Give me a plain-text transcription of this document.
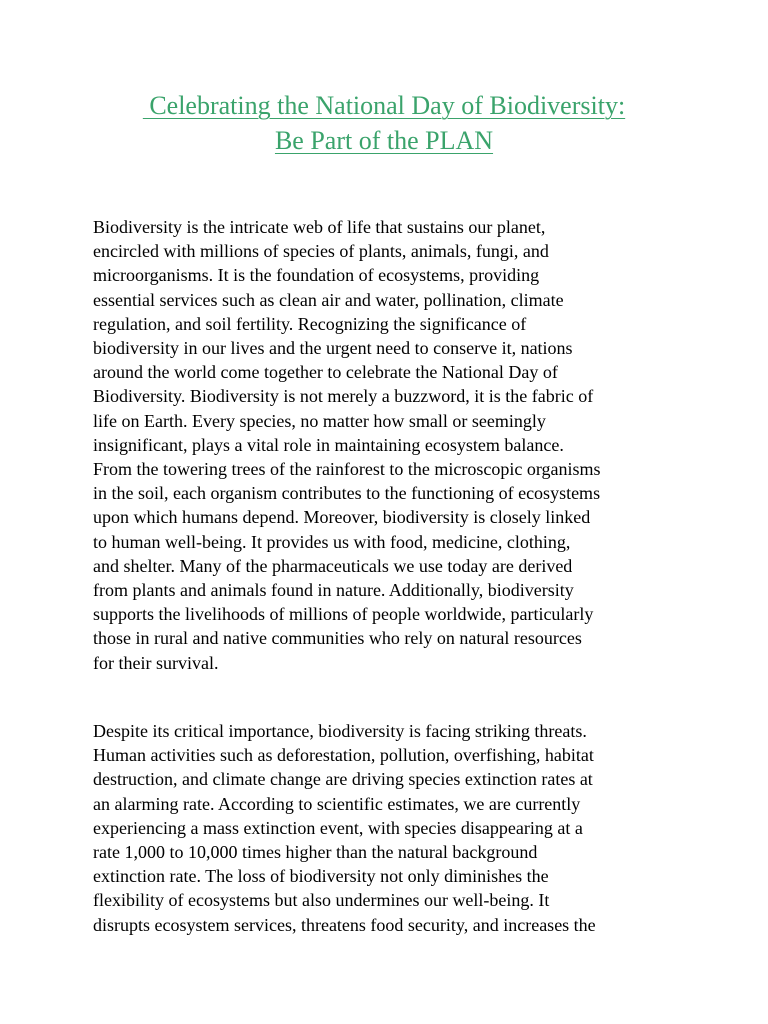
Celebrating the National Day of Biodiversity:
Be Part of the PLAN

Biodiversity is the intricate web of life that sustains our planet,
encircled with millions of species of plants, animals, fungi, and
microorganisms. It is the foundation of ecosystems, providing
essential services such as clean air and water, pollination, climate
regulation, and soil fertility. Recognizing the significance of
biodiversity in our lives and the urgent need to conserve it, nations
around the world come together to celebrate the National Day of
Biodiversity. Biodiversity is not merely a buzzword, it is the fabric of
life on Earth. Every species, no matter how small or seemingly
insignificant, plays a vital role in maintaining ecosystem balance.
From the towering trees of the rainforest to the microscopic organisms
in the soil, each organism contributes to the functioning of ecosystems
upon which humans depend. Moreover, biodiversity is closely linked
to human well-being. It provides us with food, medicine, clothing,
and shelter. Many of the pharmaceuticals we use today are derived
from plants and animals found in nature. Additionally, biodiversity
supports the livelihoods of millions of people worldwide, particularly
those in rural and native communities who rely on natural resources
for their survival.

Despite its critical importance, biodiversity is facing striking threats.
Human activities such as deforestation, pollution, overfishing, habitat
destruction, and climate change are driving species extinction rates at
an alarming rate. According to scientific estimates, we are currently
experiencing a mass extinction event, with species disappearing at a
rate 1,000 to 10,000 times higher than the natural background
extinction rate. The loss of biodiversity not only diminishes the
flexibility of ecosystems but also undermines our well-being. It
disrupts ecosystem services, threatens food security, and increases the
